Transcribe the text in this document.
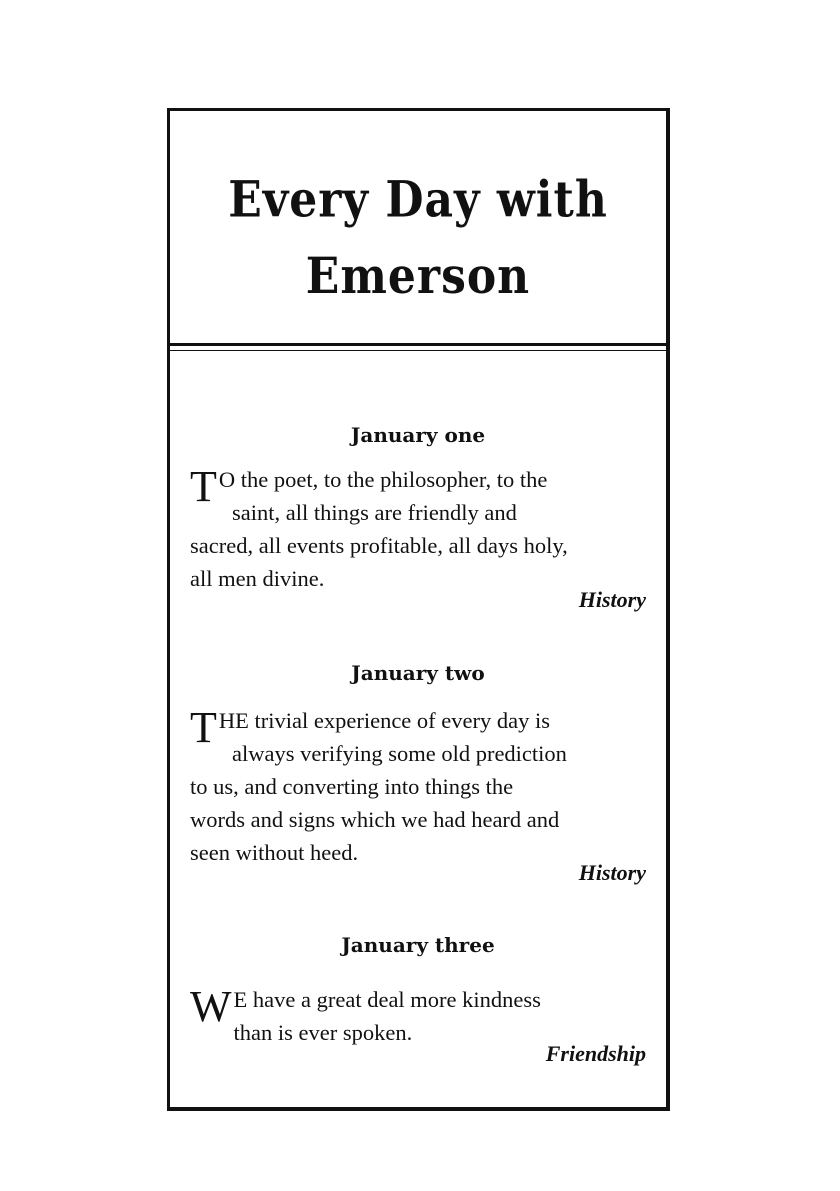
Every Day with
Emerson
January one
T O the poet, to the philosopher, to the
saint, all things are friendly and
sacred, all events profitable, all days holy,
all men divine.
History
January two
T HE trivial experience of every day is
always verifying some old prediction
to us, and converting into things the
words and signs which we had heard and
seen without heed.
History
January three
W E have a great deal more kindness
than is ever spoken.
Friendship
